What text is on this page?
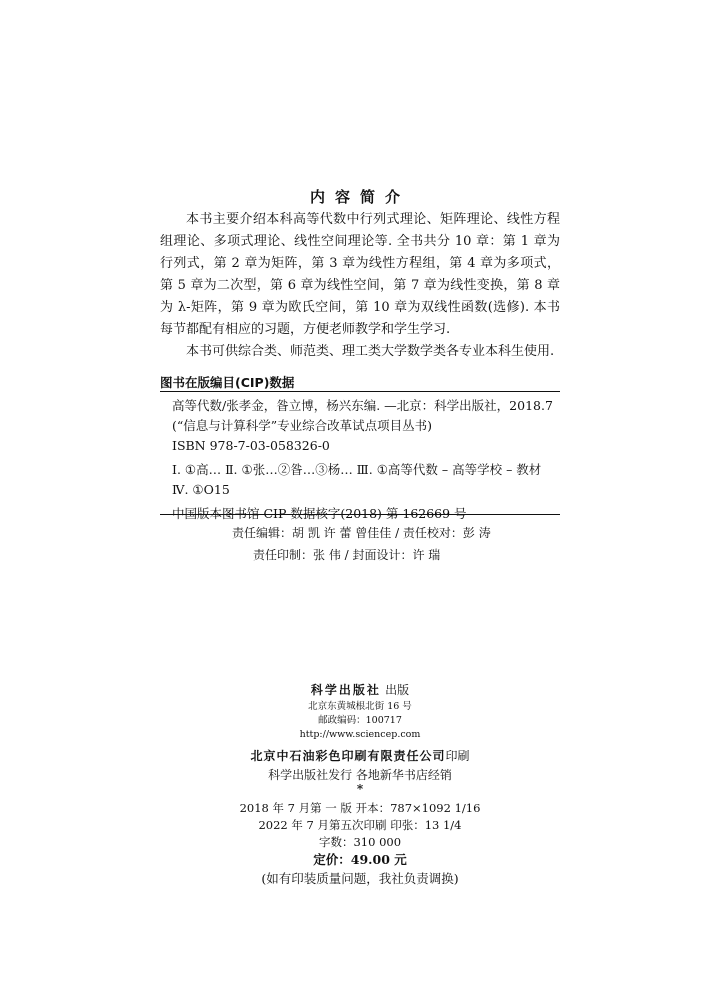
内容简介

本书主要介绍本科高等代数中行列式理论、矩阵理论、线性方程组理论、多项式理论、线性空间理论等. 全书共分 10 章：第 1 章为行列式，第 2 章为矩阵，第 3 章为线性方程组，第 4 章为多项式，第 5 章为二次型，第 6 章为线性空间，第 7 章为线性变换，第 8 章为 λ-矩阵，第 9 章为欧氏空间，第 10 章为双线性函数(选修). 本书每节都配有相应的习题，方便老师教学和学生学习.

本书可供综合类、师范类、理工类大学数学类各专业本科生使用.

图书在版编目(CIP)数据
高等代数/张孝金，昝立博，杨兴东编. —北京：科学出版社，2018.7
(“信息与计算科学”专业综合改革试点项目丛书)
ISBN 978-7-03-058326-0
Ⅰ. ①高… Ⅱ. ①张…②昝…③杨… Ⅲ. ①高等代数 – 高等学校 – 教材 Ⅳ. ①O15
中国版本图书馆 CIP 数据核字(2018) 第 162669 号
责任编辑：胡 凯 许 蕾 曾佳佳 / 责任校对：彭 涛
责任印制：张 伟 / 封面设计：许 瑞
科学出版社 出版
北京东黄城根北街 16 号
邮政编码：100717
http://www.sciencep.com
北京中石油彩色印刷有限责任公司印刷
科学出版社发行 各地新华书店经销
*
2018 年 7 月第 一 版 开本：787×1092 1/16
2022 年 7 月第五次印刷 印张：13 1/4
字数：310 000
定价：49.00 元
(如有印装质量问题，我社负责调换)
